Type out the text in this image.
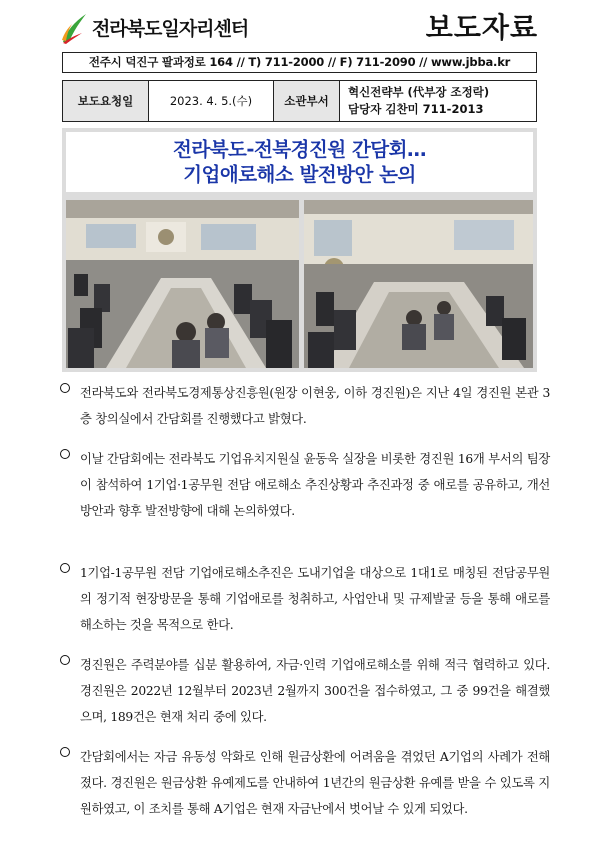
전라북도일자리센터	보도자료
전주시 덕진구 팔과정로 164 // T) 711-2000 // F) 711-2090 // www.jbba.kr
보도요청일	2023. 4. 5.(수)	소관부서	
혁신전략부 (代부장 조정락)
담당자 김찬미 711-2013
전라북도-전북경진원 간담회…
기업애로해소 발전방안 논의
전라북도와 전라북도경제통상진흥원(원장 이현웅, 이하 경진원)은 지난 4일 경진원 본관 3층 창의실에서 간담회를 진행했다고 밝혔다.
이날 간담회에는 전라북도 기업유치지원실 윤동욱 실장을 비롯한 경진원 16개 부서의 팀장이 참석하여 1기업·1공무원 전담 애로해소 추진상황과 추진과정 중 애로를 공유하고, 개선방안과 향후 발전방향에 대해 논의하였다.
1기업-1공무원 전담 기업애로해소추진은 도내기업을 대상으로 1대1로 매칭된 전담공무원의 정기적 현장방문을 통해 기업애로를 청취하고, 사업안내 및 규제발굴 등을 통해 애로를 해소하는 것을 목적으로 한다.
경진원은 주력분야를 십분 활용하여, 자금·인력 기업애로해소를 위해 적극 협력하고 있다. 경진원은 2022년 12월부터 2023년 2월까지 300건을 접수하였고, 그 중 99건을 해결했으며, 189건은 현재 처리 중에 있다.
간담회에서는 자금 유동성 악화로 인해 원금상환에 어려움을 겪었던 A기업의 사례가 전해졌다. 경진원은 원금상환 유예제도를 안내하여 1년간의 원금상환 유예를 받을 수 있도록 지원하였고, 이 조치를 통해 A기업은 현재 자금난에서 벗어날 수 있게 되었다.
